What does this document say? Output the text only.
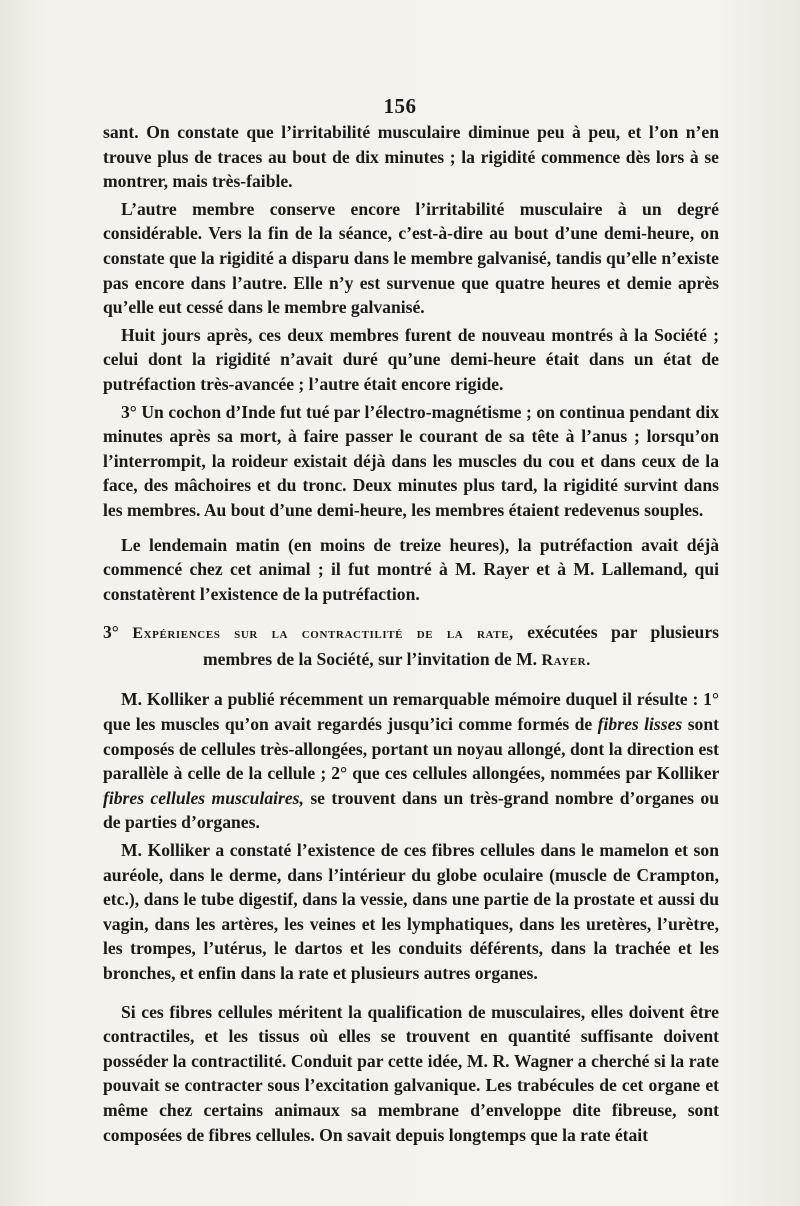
156

sant. On constate que l’irritabilité musculaire diminue peu à peu, et l’on n’en trouve plus de traces au bout de dix minutes ; la rigidité commence dès lors à se montrer, mais très-faible.

L’autre membre conserve encore l’irritabilité musculaire à un degré considérable. Vers la fin de la séance, c’est-à-dire au bout d’une demi-heure, on constate que la rigidité a disparu dans le membre galvanisé, tandis qu’elle n’existe pas encore dans l’autre. Elle n’y est survenue que quatre heures et demie après qu’elle eut cessé dans le membre galvanisé.

Huit jours après, ces deux membres furent de nouveau montrés à la Société ; celui dont la rigidité n’avait duré qu’une demi-heure était dans un état de putréfaction très-avancée ; l’autre était encore rigide.

3° Un cochon d’Inde fut tué par l’électro-magnétisme ; on continua pendant dix minutes après sa mort, à faire passer le courant de sa tête à l’anus ; lorsqu’on l’interrompit, la roideur existait déjà dans les muscles du cou et dans ceux de la face, des mâchoires et du tronc. Deux minutes plus tard, la rigidité survint dans les membres. Au bout d’une demi-heure, les membres étaient redevenus souples.

Le lendemain matin (en moins de treize heures), la putréfaction avait déjà commencé chez cet animal ; il fut montré à M. Rayer et à M. Lallemand, qui constatèrent l’existence de la putréfaction.

3° Expériences sur la contractilité de la rate, exécutées par plusieurs
membres de la Société, sur l’invitation de M. Rayer.

M. Kolliker a publié récemment un remarquable mémoire duquel il résulte : 1° que les muscles qu’on avait regardés jusqu’ici comme formés de fibres lisses sont composés de cellules très-allongées, portant un noyau allongé, dont la direction est parallèle à celle de la cellule ; 2° que ces cellules allongées, nommées par Kolliker fibres cellules musculaires, se trouvent dans un très-grand nombre d’organes ou de parties d’organes.

M. Kolliker a constaté l’existence de ces fibres cellules dans le mamelon et son auréole, dans le derme, dans l’intérieur du globe oculaire (muscle de Crampton, etc.), dans le tube digestif, dans la vessie, dans une partie de la prostate et aussi du vagin, dans les artères, les veines et les lymphatiques, dans les uretères, l’urètre, les trompes, l’utérus, le dartos et les conduits déférents, dans la trachée et les bronches, et enfin dans la rate et plusieurs autres organes.

Si ces fibres cellules méritent la qualification de musculaires, elles doivent être contractiles, et les tissus où elles se trouvent en quantité suffisante doivent posséder la contractilité. Conduit par cette idée, M. R. Wagner a cherché si la rate pouvait se contracter sous l’excitation galvanique. Les trabécules de cet organe et même chez certains animaux sa membrane d’enveloppe dite fibreuse, sont composées de fibres cellules. On savait depuis longtemps que la rate était
